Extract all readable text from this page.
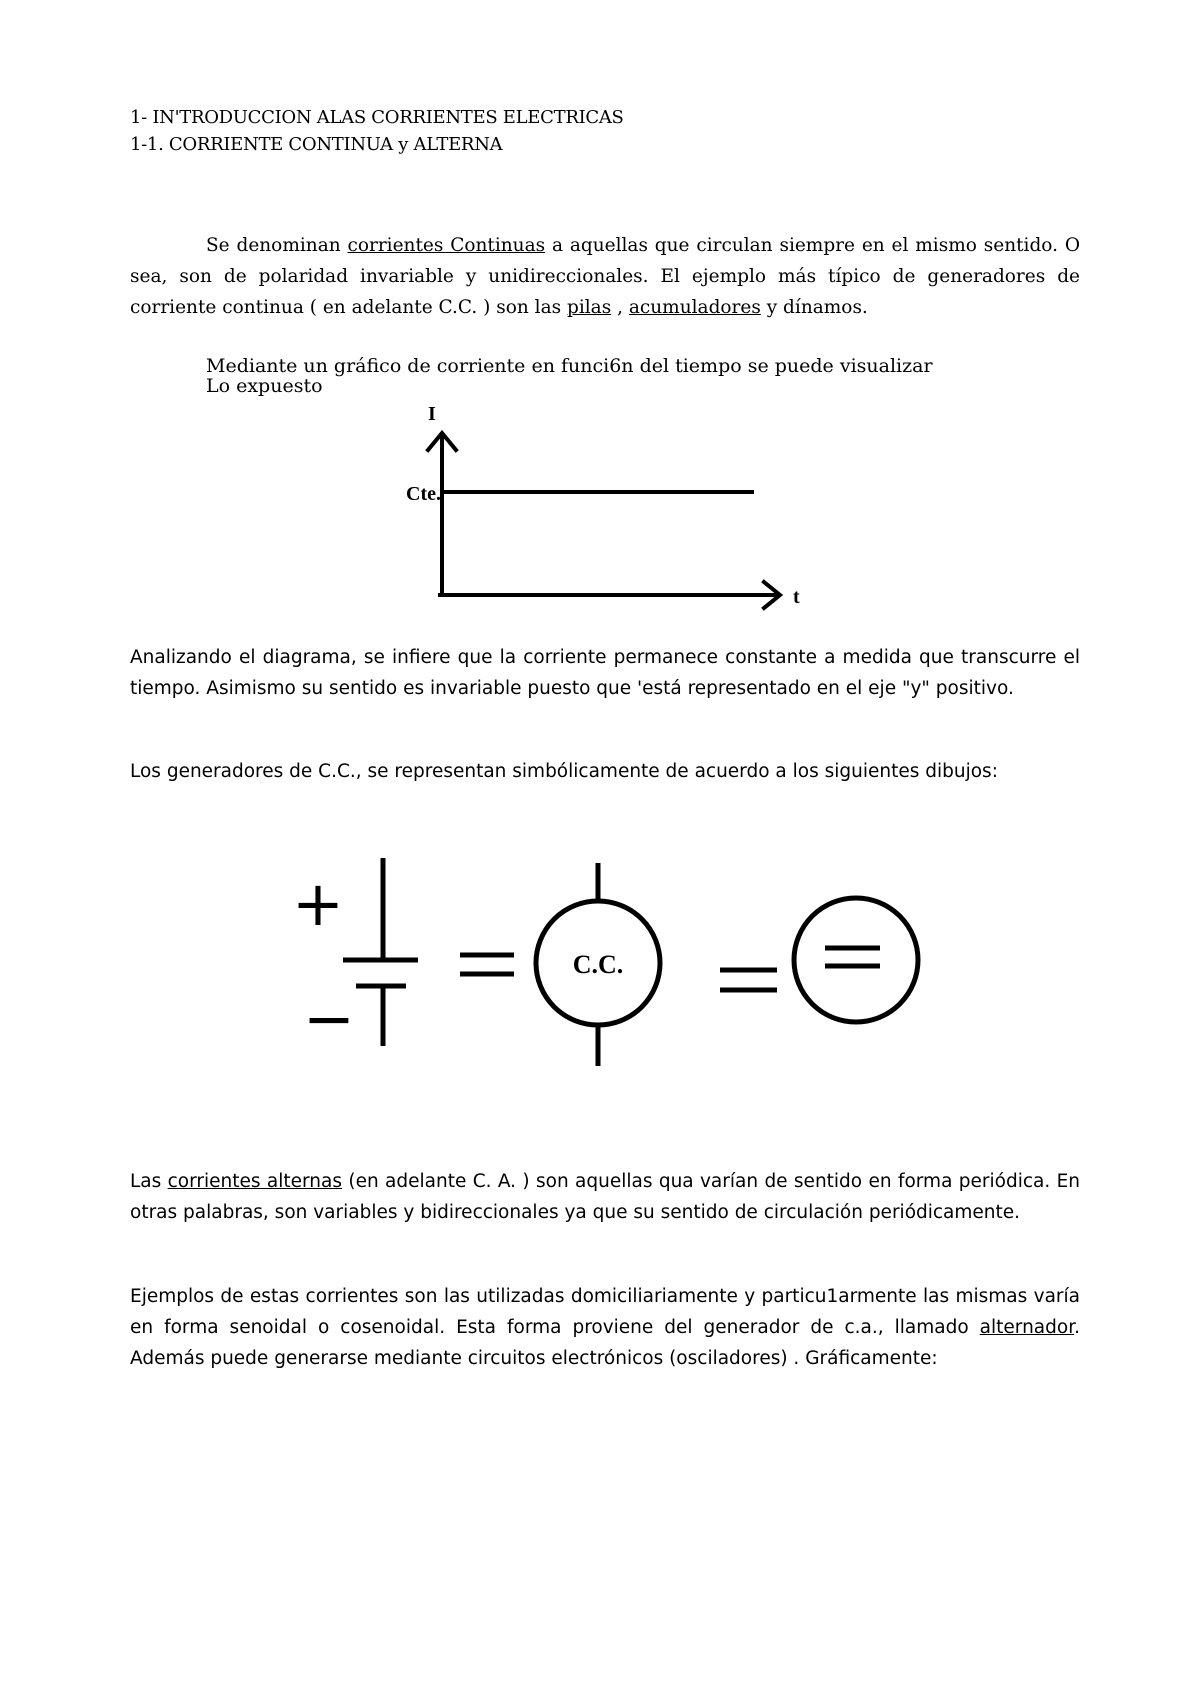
1- IN'TRODUCCION ALAS CORRIENTES ELECTRICAS
1-1. CORRIENTE CONTINUA y ALTERNA
Se denominan corrientes Continuas a aquellas que circulan siempre en el mismo sentido. O sea, son de polaridad invariable y unidireccionales. El ejemplo más típico de generadores de corriente continua ( en adelante C.C. ) son las pilas , acumuladores y dínamos.
Mediante un gráfico de corriente en funci6n del tiempo se puede visualizar
Lo expuesto
I
t
Cte.
Analizando el diagrama, se infiere que la corriente permanece constante a medida que transcurre el tiempo. Asimismo su sentido es invariable puesto que 'está representado en el eje "y" positivo.
Los generadores de C.C., se representan simbólicamente de acuerdo a los siguientes dibujos:
+
−
C.C.
Las corrientes alternas (en adelante C. A. ) son aquellas qua varían de sentido en forma periódica. En otras palabras, son variables y bidireccionales ya que su sentido de circulación periódicamente.
Ejemplos de estas corrientes son las utilizadas domiciliariamente y particu1armente las mismas varía en forma senoidal o cosenoidal. Esta forma proviene del generador de c.a., llamado alternador. Además puede generarse mediante circuitos electrónicos (osciladores) . Gráficamente:
